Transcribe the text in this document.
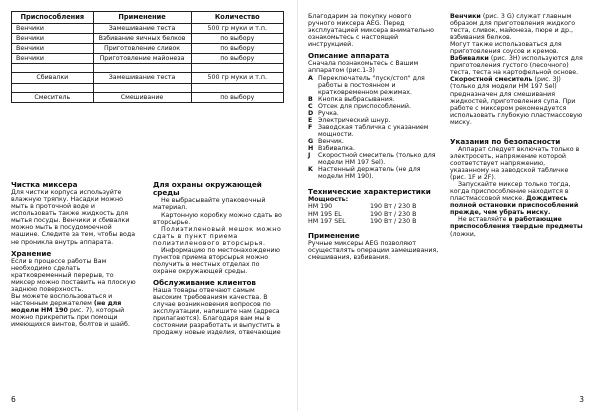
Приспособления	Применение	Количество
Венчики	Замешивание теста	500 гр муки и т.п.
Венчики	Взбивание яичных белков	по выбору
Венчики	Приготовление сливок	по выбору
Венчики	Приготовление майонеза	по выбору

Сбивалки	Замешивание теста	500 гр муки и т.п.

Смеситель	Смешивание	по выбору

Чистка миксера

Для чистки корпуса используйте влажную тряпку. Насадки можно мыть в проточной воде и использовать также жидкость для мытья посуды. Венчики и сбивалки можно мыть в посудомоечной машине. Следите за тем, чтобы вода не проникла внутрь аппарата.

Хранение

Если в процессе работы Вам необходимо сделать кратковременный перерыв, то миксер можно поставить на плоскую заднюю поверхность.

Вы можете воспользоваться и настенным держателем (не для модели HM 190 рис. 7), который можно прикрепить при помощи имеющихся винтов, болтов и шайб.

Для охраны окружающей среды

Не выбрасывайте упаковочный материал.

Картонную коробку можно сдать во вторсырье.

Полиэтиленовый мешок можно сдать в пункт приема полиэтиленового вторсырья.

Информацию по местонахождению пунктов приема вторсырья можно получить в местных отделах по охране окружающей среды.

Обслуживание клиентов

Наша товары отвечают самым высоким требованиям качества. В случае возникновения вопросов по эксплуатации, напишите нам (адреса прилагаются). Благодаря вам мы в состоянии разработать и выпустить в продажу новые изделия, отвечающие

6

Благодарим за покупку нового ручного миксера AEG. Перед эксплуатацией миксера внимательно ознакомьтесь с настоящей инструкцией.

Описание аппарата

Сначала познакомьтесь с Вашим аппаратом (рис.1-3)

A Переключатель "пуск/стоп" для работы в постоянном и кратковременном режимах.
B Кнопка выбрасывания.
C Отсек для приспособлений.
D Ручка.
E Электрический шнур.
F Заводская табличка с указанием мощности.
G Венчик.
H Взбивалка.
J	Скоростной смеситель (только для модели HM 197 Sel).
K Настенный держатель (не для модели HM 190).

Технические характеристики

Мощность:

HM 190	190 Вт / 230 В
HM 195 EL	190 Вт / 230 В
HM 197 SEL	190 Вт / 230 В

Применение

Ручные миксеры AEG позволяют осуществлять операции замешивания, смешивания, взбивания.

Венчики (рис. 3 G) служат главным образом для приготовления жидкого теста, сливок, майонеза, пюре и др., взбивания белков.

Могут также использоваться для приготовления соусов и кремов.

Взбивалки (рис. 3H) используются для приготовления густого (песочного) теста, теста на картофельной основе.

Скоростной смеситель (рис. 3J) (только для модели HM 197 Sel) предназначен для смешивания жидкостей, приготовления супа. При работе с миксером рекомендуется использовать глубокую пластмассовую миску.

Указания по безопасности

Аппарат следует включать только в электросеть, напряжение которой соответствует напряжению, указанному на заводской табличке (рис. 1F и 2F).

Запускайте миксер только тогда, когда приспособление находится в пластмассовой миске. Дождитесь полной остановки приспособлений прежде, чем убрать миску.

Не вставляйте в работающие приспособления твердые предметы (ложки,

3
